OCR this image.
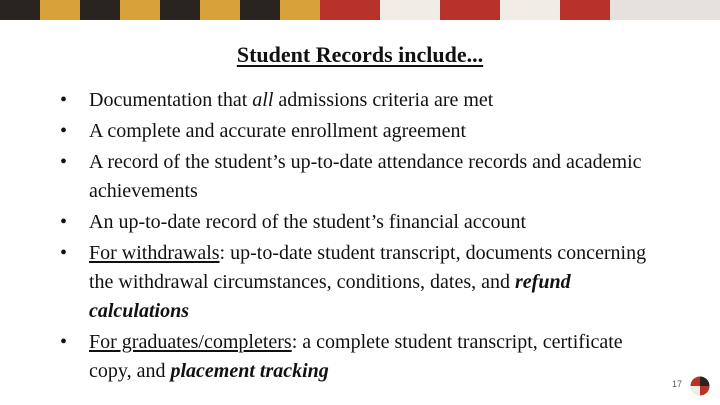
Student Records include...
• Documentation that all admissions criteria are met
• A complete and accurate enrollment agreement
• A record of the student’s up-to-date attendance records and academic achievements
• An up-to-date record of the student’s financial account
• For withdrawals: up-to-date student transcript, documents concerning the withdrawal circumstances, conditions, dates, and refund calculations
• For graduates/completers: a complete student transcript, certificate copy, and placement tracking
17
